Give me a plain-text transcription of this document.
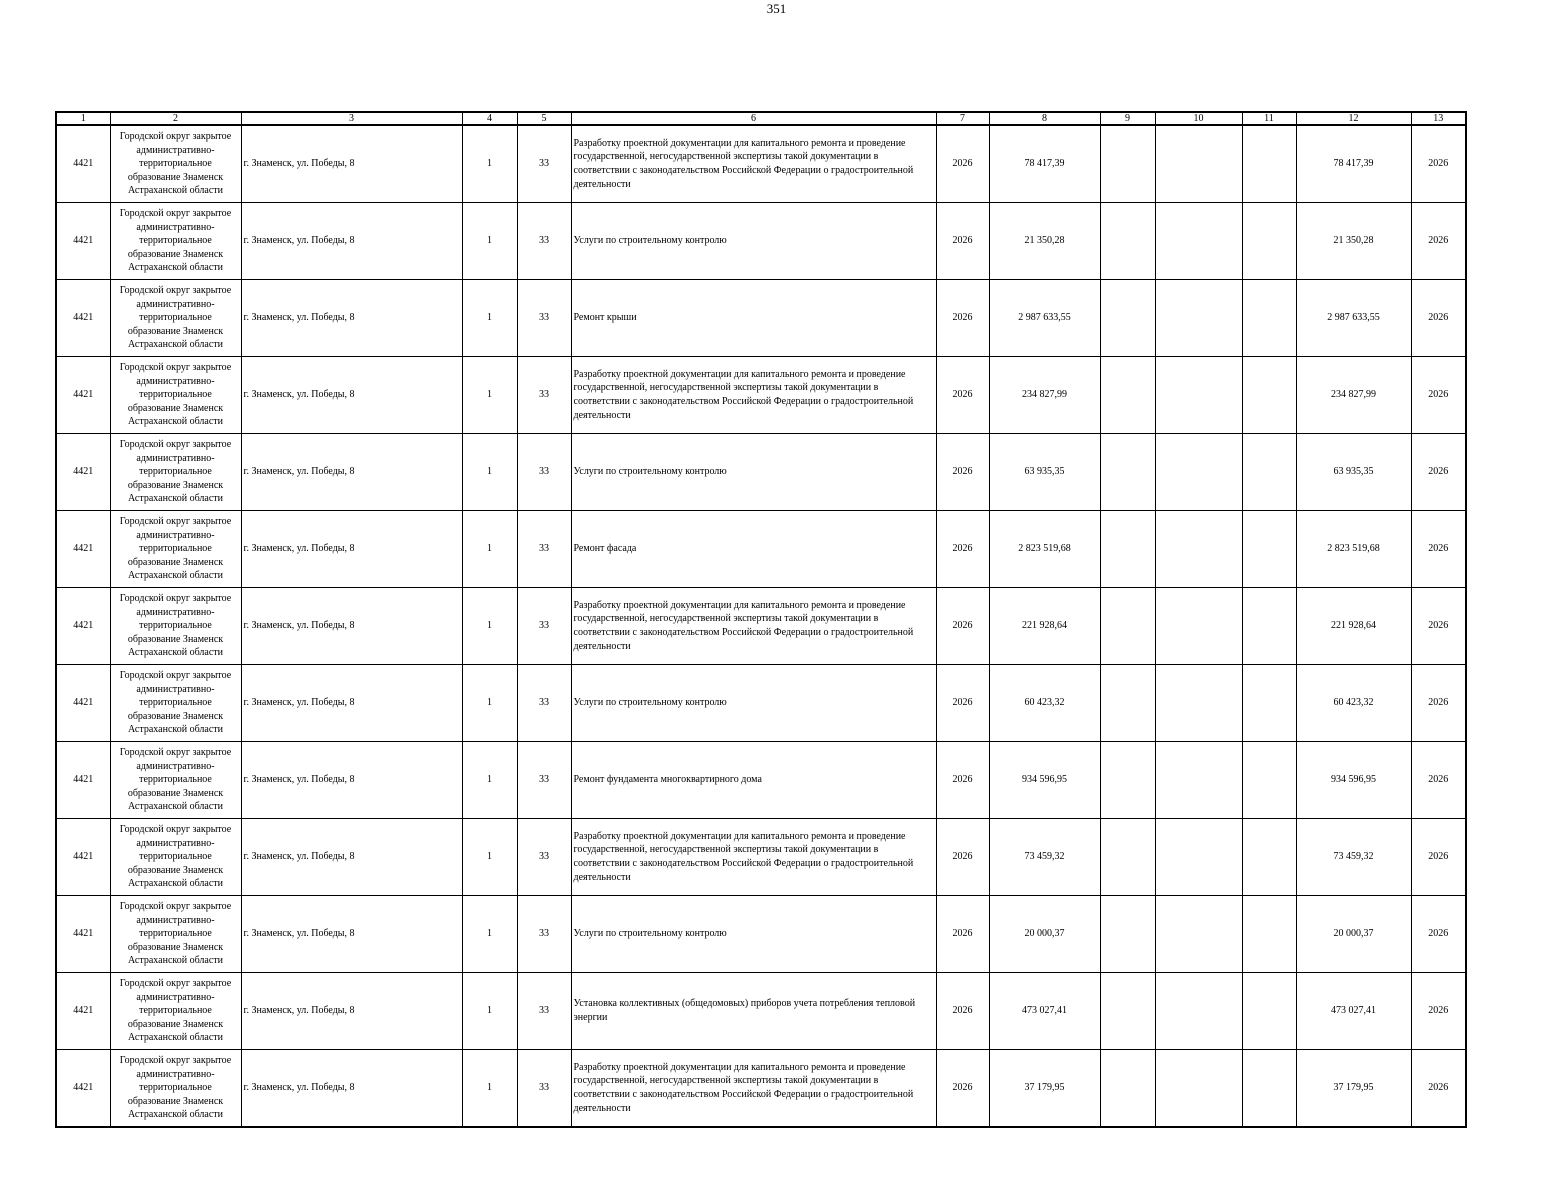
351
1	2	3	4	5	6	7	8	9	10	11	12	13
4421	Городской округ закрытое административно-территориальное образование Знаменск Астраханской области	г. Знаменск, ул. Победы, 8	1	33	Разработку проектной документации для капитального ремонта и проведение государственной, негосударственной экспертизы такой документации в соответствии с законодательством Российской Федерации о градостроительной деятельности	2026	78 417,39				78 417,39	2026
4421	Городской округ закрытое административно-территориальное образование Знаменск Астраханской области	г. Знаменск, ул. Победы, 8	1	33	Услуги по строительному контролю	2026	21 350,28				21 350,28	2026
4421	Городской округ закрытое административно-территориальное образование Знаменск Астраханской области	г. Знаменск, ул. Победы, 8	1	33	Ремонт крыши	2026	2 987 633,55				2 987 633,55	2026
4421	Городской округ закрытое административно-территориальное образование Знаменск Астраханской области	г. Знаменск, ул. Победы, 8	1	33	Разработку проектной документации для капитального ремонта и проведение государственной, негосударственной экспертизы такой документации в соответствии с законодательством Российской Федерации о градостроительной деятельности	2026	234 827,99				234 827,99	2026
4421	Городской округ закрытое административно-территориальное образование Знаменск Астраханской области	г. Знаменск, ул. Победы, 8	1	33	Услуги по строительному контролю	2026	63 935,35				63 935,35	2026
4421	Городской округ закрытое административно-территориальное образование Знаменск Астраханской области	г. Знаменск, ул. Победы, 8	1	33	Ремонт фасада	2026	2 823 519,68				2 823 519,68	2026
4421	Городской округ закрытое административно-территориальное образование Знаменск Астраханской области	г. Знаменск, ул. Победы, 8	1	33	Разработку проектной документации для капитального ремонта и проведение государственной, негосударственной экспертизы такой документации в соответствии с законодательством Российской Федерации о градостроительной деятельности	2026	221 928,64				221 928,64	2026
4421	Городской округ закрытое административно-территориальное образование Знаменск Астраханской области	г. Знаменск, ул. Победы, 8	1	33	Услуги по строительному контролю	2026	60 423,32				60 423,32	2026
4421	Городской округ закрытое административно-территориальное образование Знаменск Астраханской области	г. Знаменск, ул. Победы, 8	1	33	Ремонт фундамента многоквартирного дома	2026	934 596,95				934 596,95	2026
4421	Городской округ закрытое административно-территориальное образование Знаменск Астраханской области	г. Знаменск, ул. Победы, 8	1	33	Разработку проектной документации для капитального ремонта и проведение государственной, негосударственной экспертизы такой документации в соответствии с законодательством Российской Федерации о градостроительной деятельности	2026	73 459,32				73 459,32	2026
4421	Городской округ закрытое административно-территориальное образование Знаменск Астраханской области	г. Знаменск, ул. Победы, 8	1	33	Услуги по строительному контролю	2026	20 000,37				20 000,37	2026
4421	Городской округ закрытое административно-территориальное образование Знаменск Астраханской области	г. Знаменск, ул. Победы, 8	1	33	Установка коллективных (общедомовых) приборов учета потребления тепловой энергии	2026	473 027,41				473 027,41	2026
4421	Городской округ закрытое административно-территориальное образование Знаменск Астраханской области	г. Знаменск, ул. Победы, 8	1	33	Разработку проектной документации для капитального ремонта и проведение государственной, негосударственной экспертизы такой документации в соответствии с законодательством Российской Федерации о градостроительной деятельности	2026	37 179,95				37 179,95	2026
